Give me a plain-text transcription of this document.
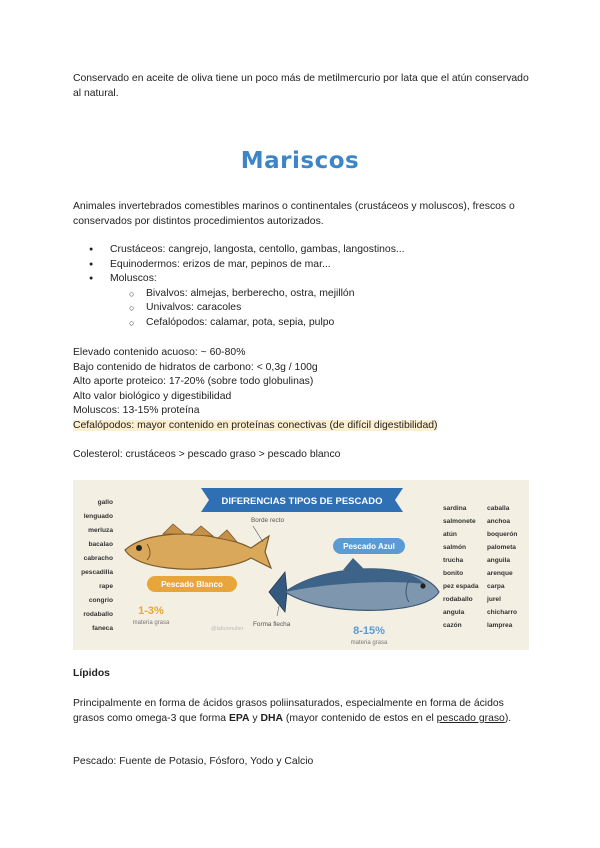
Conservado en aceite de oliva tiene un poco más de metilmercurio por lata que el atún conservado al natural.

Mariscos

Animales invertebrados comestibles marinos o continentales (crustáceos y moluscos), frescos o conservados por distintos procedimientos autorizados.

● Crustáceos: cangrejo, langosta, centollo, gambas, langostinos...
● Equinodermos: erizos de mar, pepinos de mar...
● Moluscos:
○ Bivalvos: almejas, berberecho, ostra, mejillón
○ Univalvos: caracoles
○ Cefalópodos: calamar, pota, sepia, pulpo
Elevado contenido acuoso: ~ 60-80%
Bajo contenido de hidratos de carbono: < 0,3g / 100g
Alto aporte proteico: 17-20% (sobre todo globulinas)
Alto valor biológico y digestibilidad
Moluscos: 13-15% proteína
Cefalópodos: mayor contenido en proteínas conectivas (de difícil digestibilidad)
Colesterol: crustáceos > pescado graso > pescado blanco
DIFERENCIAS TIPOS DE PESCADO
gallo
lenguado
merluza
bacalao
cabracho
pescadilla
rape
congrio
rodaballo
faneca
Borde recto
Pescado Blanco
1-3%
materia grasa
@lafunmuller
Pescado Azul
Forma flecha
8-15%
materia grasa
sardina
salmonete
atún
salmón
trucha
bonito
pez espada
rodaballo
angula
cazón
caballa
anchoa
boquerón
palometa
anguila
arenque
carpa
jurel
chicharro
lamprea
Lípidos

Principalmente en forma de ácidos grasos poliinsaturados, especialmente en forma de ácidos grasos como omega-3 que forma EPA y DHA (mayor contenido de estos en el pescado graso).

Pescado: Fuente de Potasio, Fósforo, Yodo y Calcio
